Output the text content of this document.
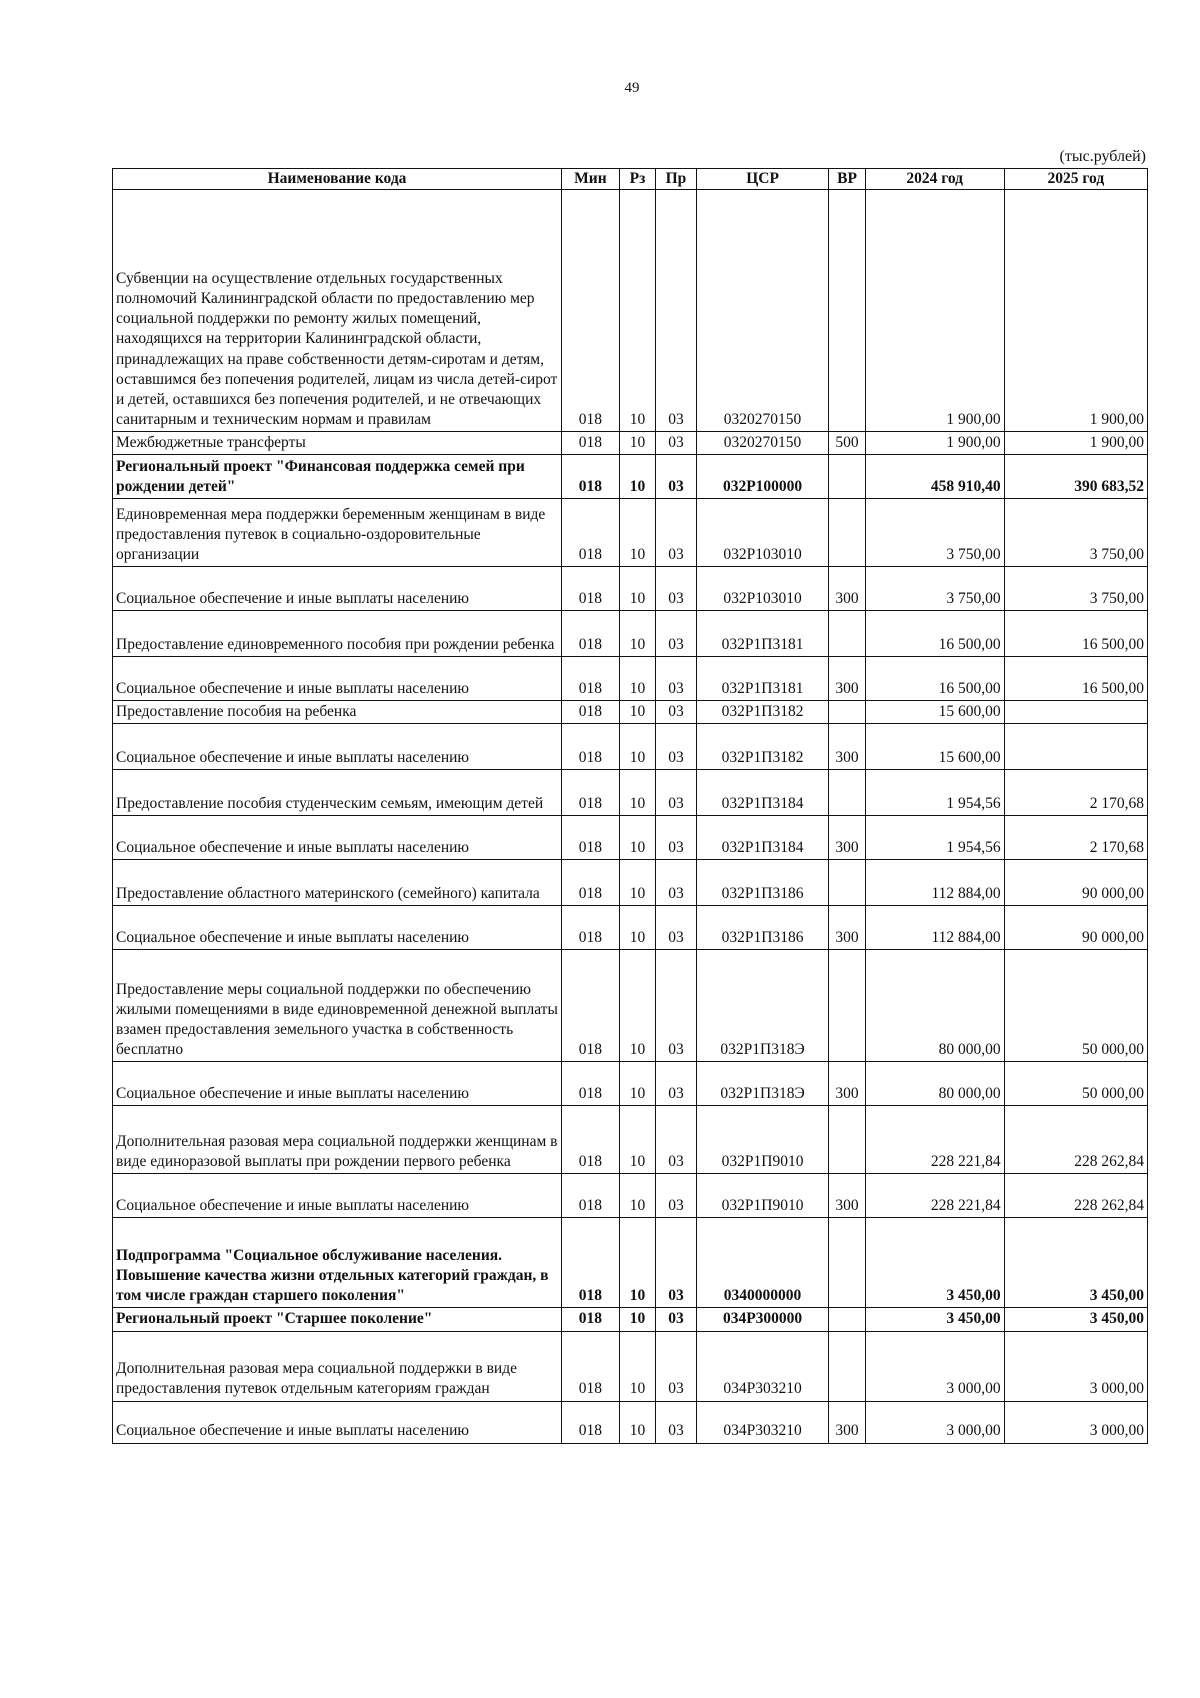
49
(тыс.рублей)
Наименование кода	Мин	Рз	Пр	ЦСР	ВР	2024 год	2025 год
Субвенции на осуществление отдельных государственных полномочий Калининградской области по предоставлению мер социальной поддержки по ремонту жилых помещений, находящихся на территории Калининградской области, принадлежащих на праве собственности детям-сиротам и детям, оставшимся без попечения родителей, лицам из числа детей-сирот и детей, оставшихся без попечения родителей, и не отвечающих санитарным и техническим нормам и правилам	018	10	03	0320270150		1 900,00	1 900,00
Межбюджетные трансферты	018	10	03	0320270150	500	1 900,00	1 900,00
Региональный проект "Финансовая поддержка семей при рождении детей"	018	10	03	032P100000		458 910,40	390 683,52
Единовременная мера поддержки беременным женщинам в виде предоставления путевок в социально-оздоровительные организации	018	10	03	032P103010		3 750,00	3 750,00
Социальное обеспечение и иные выплаты населению	018	10	03	032P103010	300	3 750,00	3 750,00
Предоставление единовременного пособия при рождении ребенка	018	10	03	032P1П3181		16 500,00	16 500,00
Социальное обеспечение и иные выплаты населению	018	10	03	032P1П3181	300	16 500,00	16 500,00
Предоставление пособия на ребенка	018	10	03	032P1П3182		15 600,00	
Социальное обеспечение и иные выплаты населению	018	10	03	032P1П3182	300	15 600,00	
Предоставление пособия студенческим семьям, имеющим детей	018	10	03	032P1П3184		1 954,56	2 170,68
Социальное обеспечение и иные выплаты населению	018	10	03	032P1П3184	300	1 954,56	2 170,68
Предоставление областного материнского (семейного) капитала	018	10	03	032P1П3186		112 884,00	90 000,00
Социальное обеспечение и иные выплаты населению	018	10	03	032P1П3186	300	112 884,00	90 000,00
Предоставление меры социальной поддержки по обеспечению жилыми помещениями в виде единовременной денежной выплаты взамен предоставления земельного участка в собственность бесплатно	018	10	03	032P1П318Э		80 000,00	50 000,00
Социальное обеспечение и иные выплаты населению	018	10	03	032P1П318Э	300	80 000,00	50 000,00
Дополнительная разовая мера социальной поддержки женщинам в виде единоразовой выплаты при рождении первого ребенка	018	10	03	032P1П9010		228 221,84	228 262,84
Социальное обеспечение и иные выплаты населению	018	10	03	032P1П9010	300	228 221,84	228 262,84
Подпрограмма "Социальное обслуживание населения. Повышение качества жизни отдельных категорий граждан, в том числе граждан старшего поколения"	018	10	03	0340000000		3 450,00	3 450,00
Региональный проект "Старшее поколение"	018	10	03	034P300000		3 450,00	3 450,00
Дополнительная разовая мера социальной поддержки в виде предоставления путевок отдельным категориям граждан	018	10	03	034P303210		3 000,00	3 000,00
Социальное обеспечение и иные выплаты населению	018	10	03	034P303210	300	3 000,00	3 000,00
